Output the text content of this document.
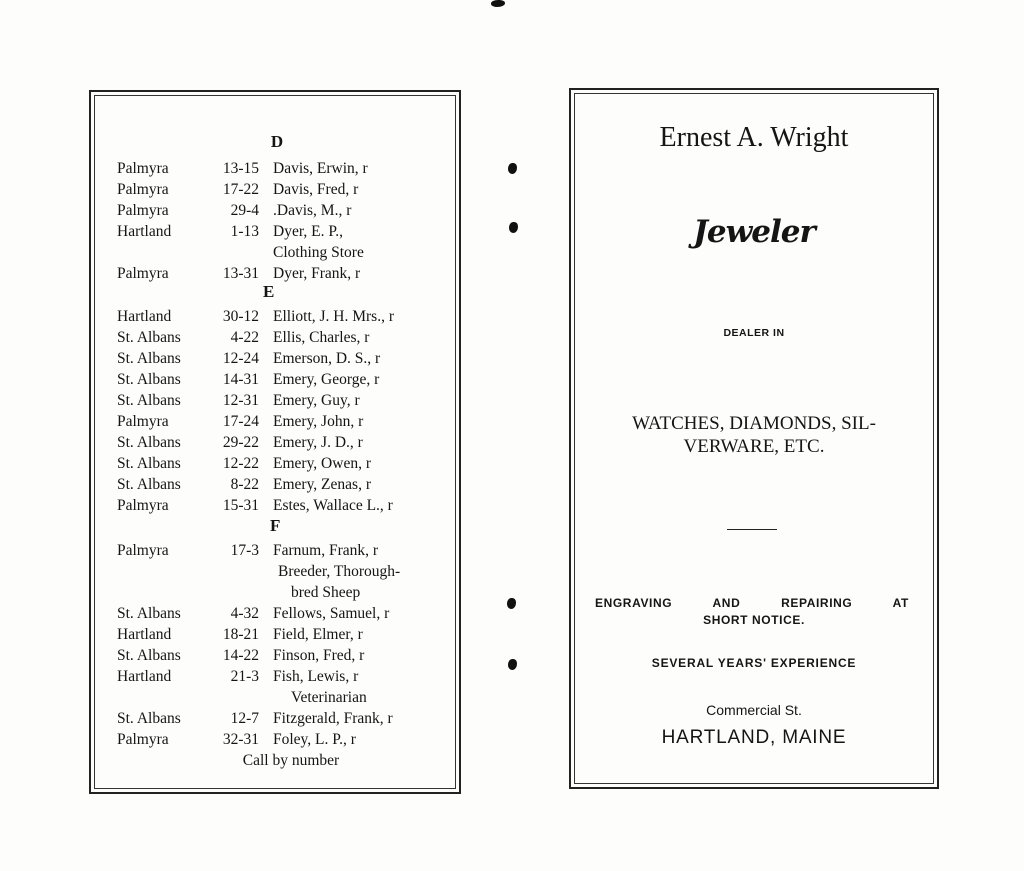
D
Palmyra	13-15 Davis, Erwin, r
Palmyra	17-22 Davis, Fred, r
Palmyra	29-4 .Davis, M., r
Hartland	1-13 Dyer, E. P.,
Clothing Store
Palmyra	13-31 Dyer, Frank, r
E
Hartland	30-12 Elliott, J. H. Mrs., r
St. Albans	4-22 Ellis, Charles, r
St. Albans	12-24 Emerson, D. S., r
St. Albans	14-31 Emery, George, r
St. Albans	12-31 Emery, Guy, r
Palmyra	17-24 Emery, John, r
St. Albans	29-22 Emery, J. D., r
St. Albans	12-22 Emery, Owen, r
St. Albans	8-22 Emery, Zenas, r
Palmyra	15-31 Estes, Wallace L., r
F
Palmyra	17-3 Farnum, Frank, r
Breeder, Thorough-
bred Sheep
St. Albans	4-32 Fellows, Samuel, r
Hartland	18-21 Field, Elmer, r
St. Albans	14-22 Finson, Fred, r
Hartland	21-3 Fish, Lewis, r
Veterinarian
St. Albans	12-7 Fitzgerald, Frank, r
Palmyra	32-31 Foley, L. P., r
Call by number
Ernest A. Wright
Jeweler
DEALER IN
WATCHES, DIAMONDS, SIL-
VERWARE, ETC.
ENGRAVING AND REPAIRING AT
SHORT NOTICE.
SEVERAL YEARS' EXPERIENCE
Commercial St.
HARTLAND, MAINE
